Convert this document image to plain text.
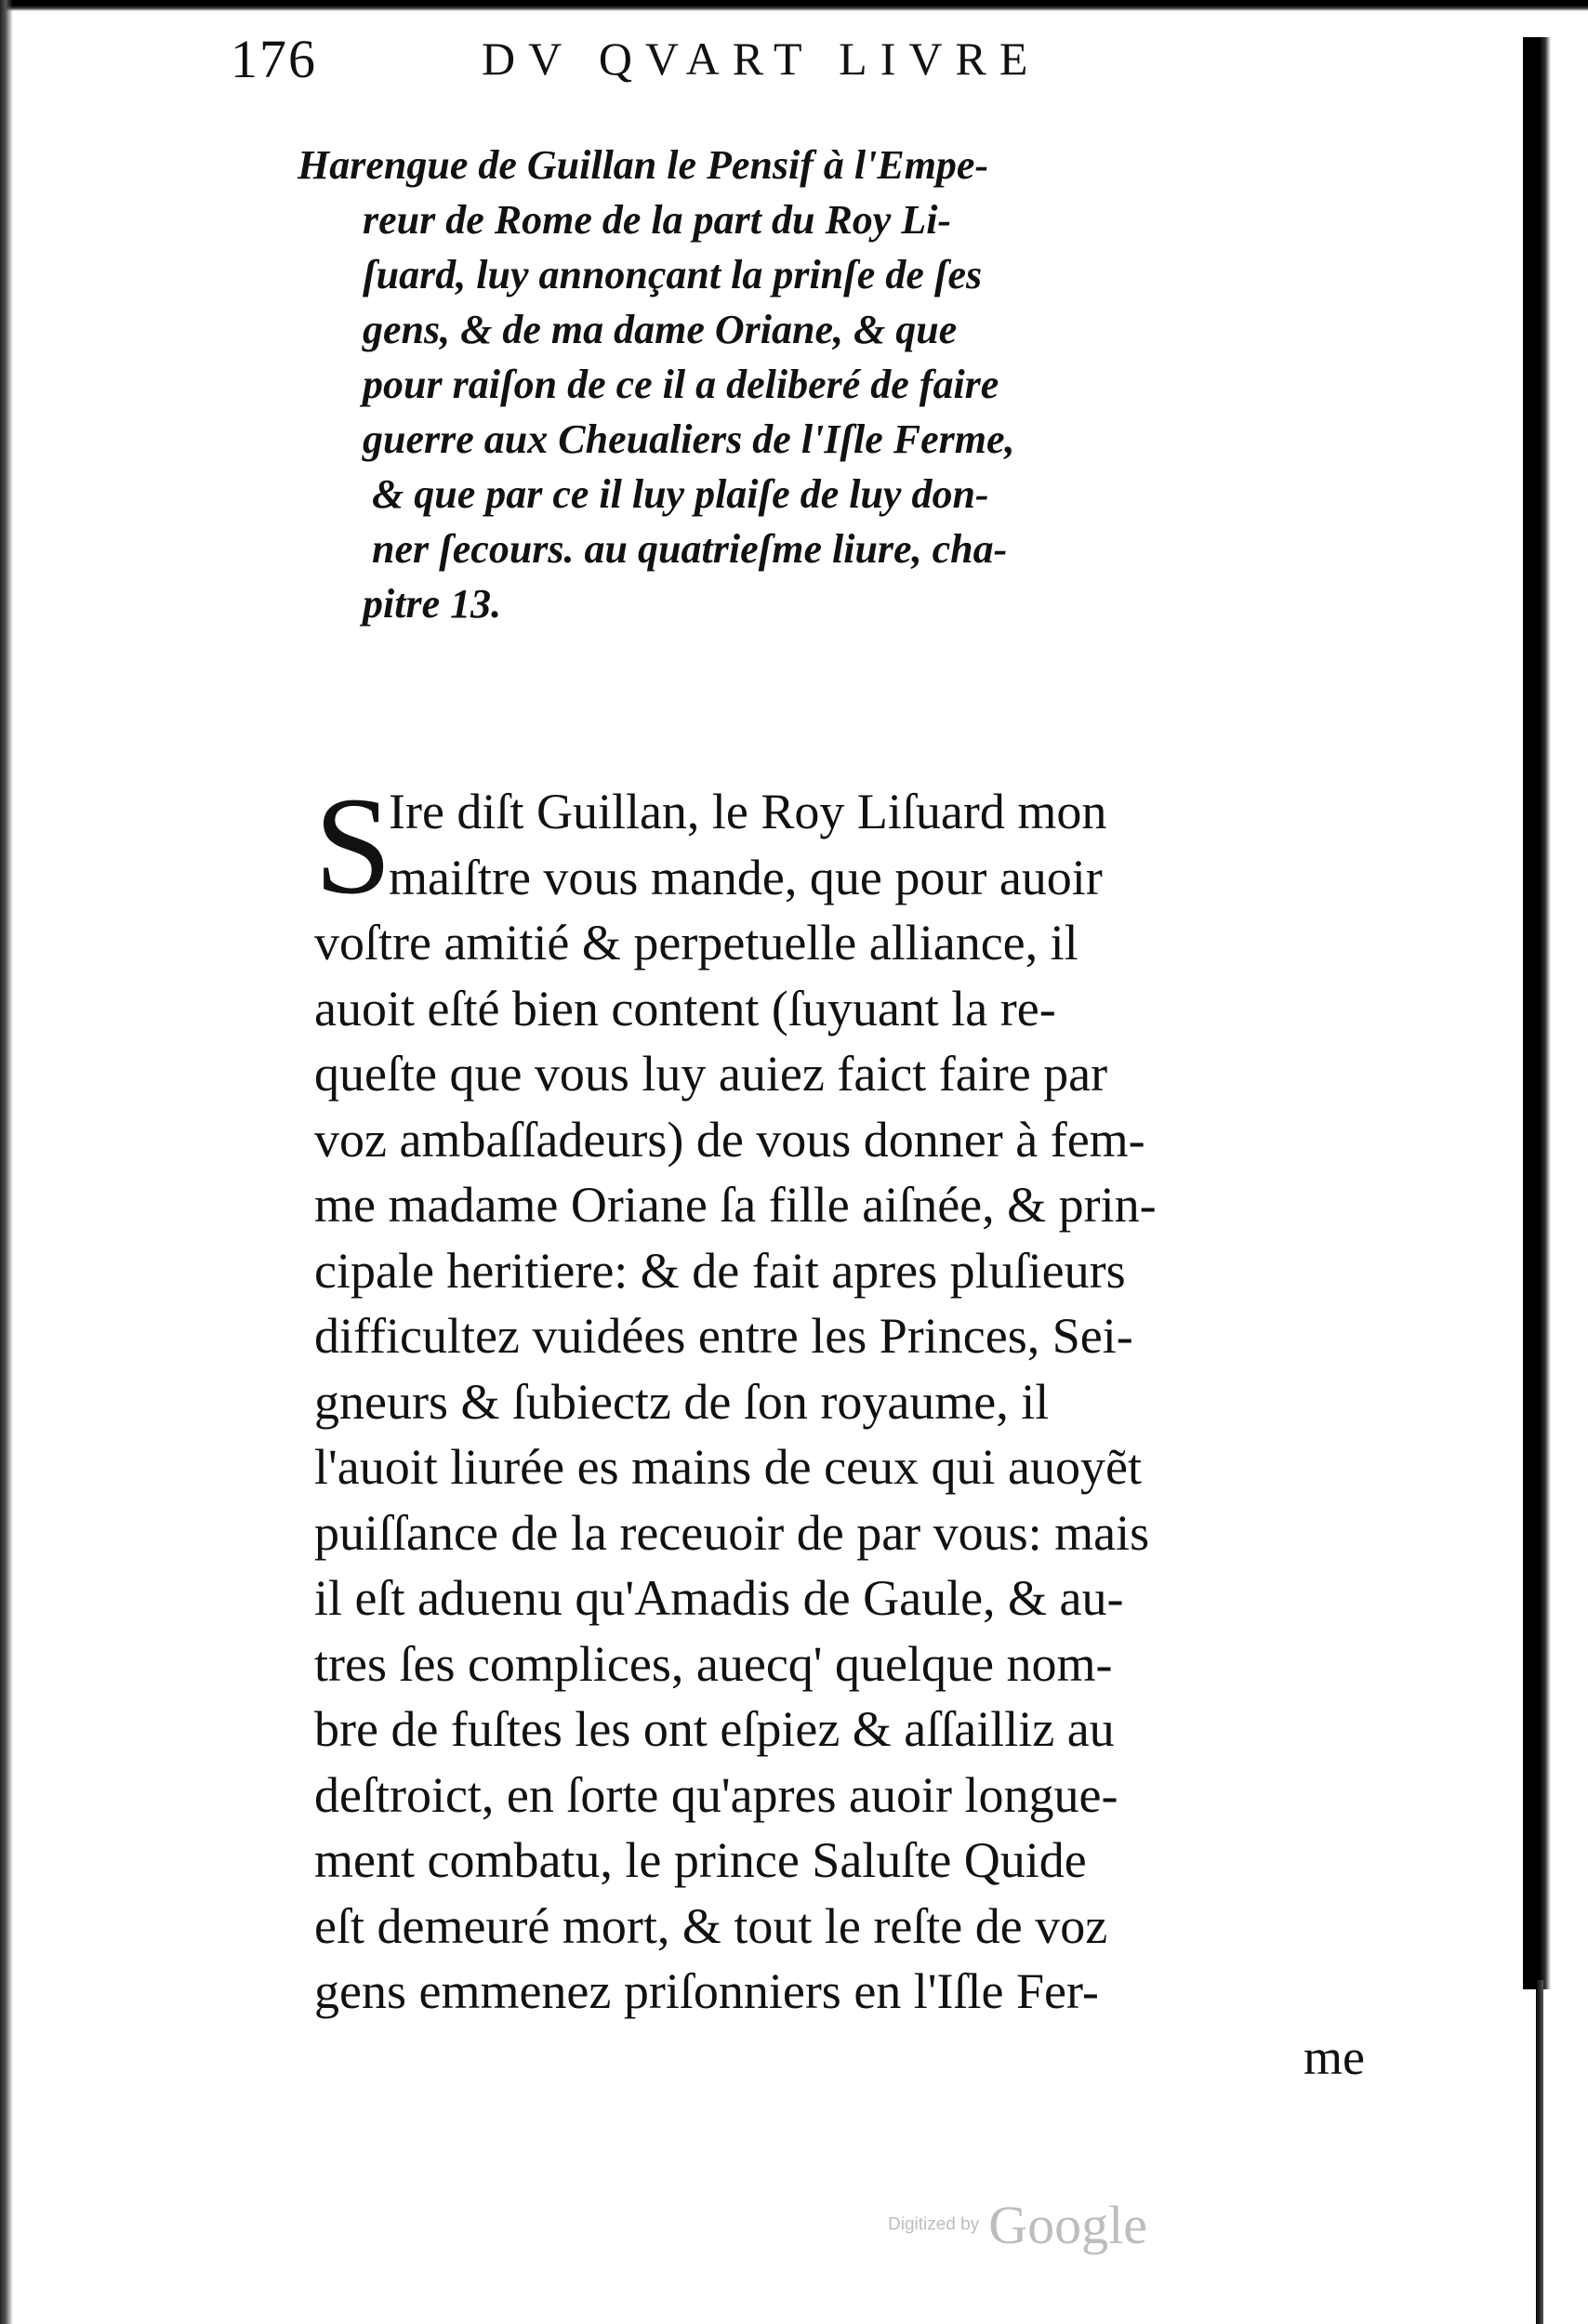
176	DV QVART LIVRE
Harengue de Guillan le Pensif à l'Empe-
reur de Rome de la part du Roy Li-
ſuard, luy annonçant la prinſe de ſes
gens, & de ma dame Oriane, & que
pour raiſon de ce il a deliberé de faire
guerre aux Cheualiers de l'Iſle Ferme,
& que par ce il luy plaiſe de luy don-
ner ſecours. au quatrieſme liure, cha-
pitre 13.
S
Ire diſt Guillan, le Roy Liſuard mon
maiſtre vous mande, que pour auoir
voſtre amitié & perpetuelle alliance, il
auoit eſté bien content (ſuyuant la re-
queſte que vous luy auiez faict faire par
voz ambaſſadeurs) de vous donner à fem-
me madame Oriane ſa fille aiſnée, & prin-
cipale heritiere: & de fait apres pluſieurs
difficultez vuidées entre les Princes, Sei-
gneurs & ſubiectz de ſon royaume, il
l'auoit liurée es mains de ceux qui auoyẽt
puiſſance de la receuoir de par vous: mais
il eſt aduenu qu'Amadis de Gaule, & au-
tres ſes complices, auecq' quelque nom-
bre de fuſtes les ont eſpiez & aſſailliz au
deſtroict, en ſorte qu'apres auoir longue-
ment combatu, le prince Saluſte Quide
eſt demeuré mort, & tout le reſte de voz
gens emmenez priſonniers en l'Iſle Fer-
me
Digitized by Google
